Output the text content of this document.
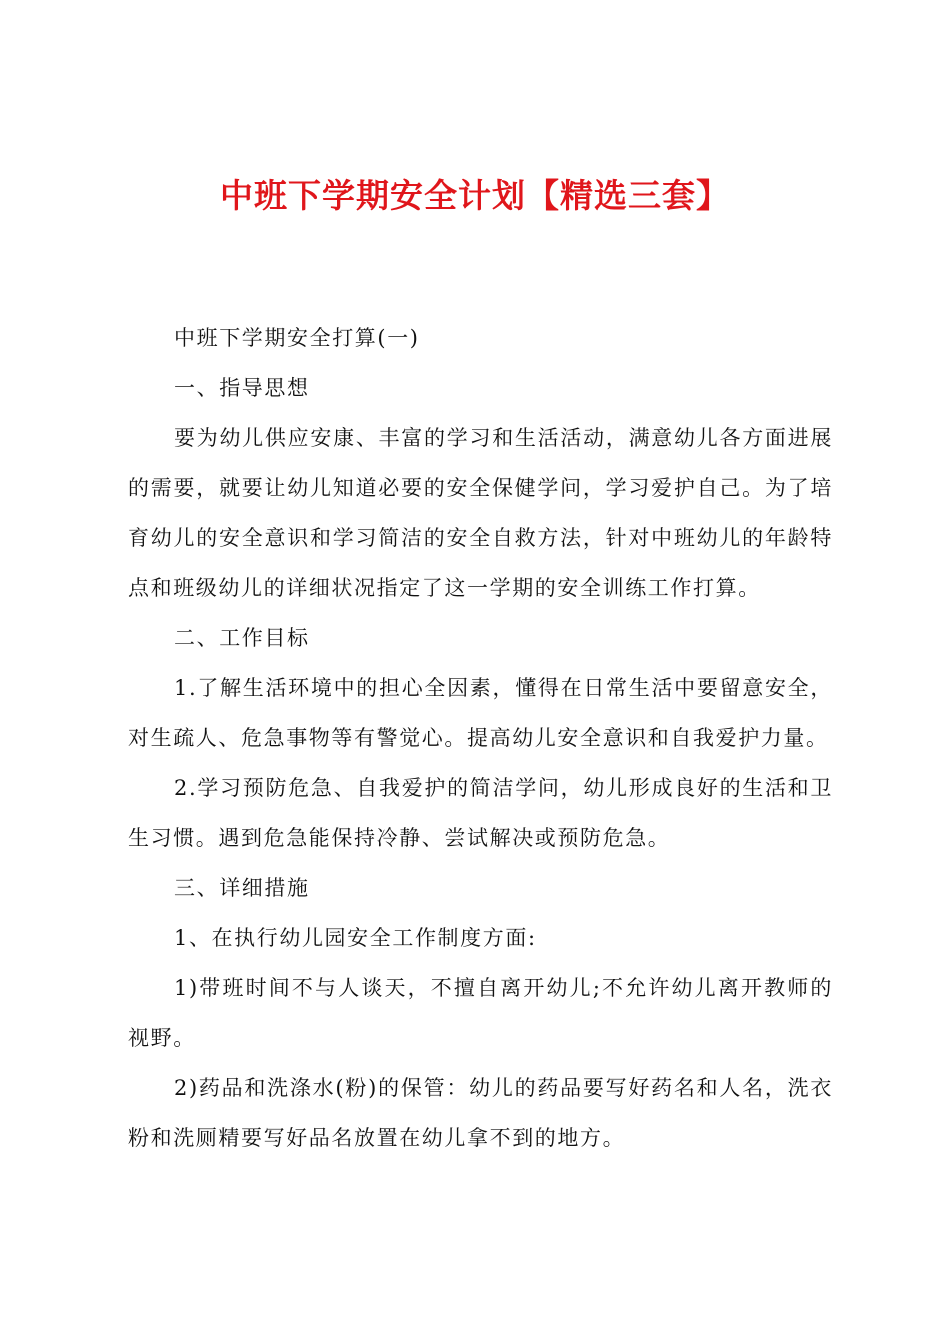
中班下学期安全计划【精选三套】

中班下学期安全打算(一)

一、指导思想

要为幼儿供应安康、丰富的学习和生活活动，满意幼儿各方面进展的需要，就要让幼儿知道必要的安全保健学问，学习爱护自己。为了培育幼儿的安全意识和学习简洁的安全自救方法，针对中班幼儿的年龄特点和班级幼儿的详细状况指定了这一学期的安全训练工作打算。

二、工作目标

1.了解生活环境中的担心全因素，懂得在日常生活中要留意安全，对生疏人、危急事物等有警觉心。提高幼儿安全意识和自我爱护力量。

2.学习预防危急、自我爱护的简洁学问，幼儿形成良好的生活和卫生习惯。遇到危急能保持冷静、尝试解决或预防危急。

三、详细措施

1、在执行幼儿园安全工作制度方面:

1)带班时间不与人谈天，不擅自离开幼儿;不允许幼儿离开教师的视野。

2)药品和洗涤水(粉)的保管：幼儿的药品要写好药名和人名，洗衣粉和洗厕精要写好品名放置在幼儿拿不到的地方。
